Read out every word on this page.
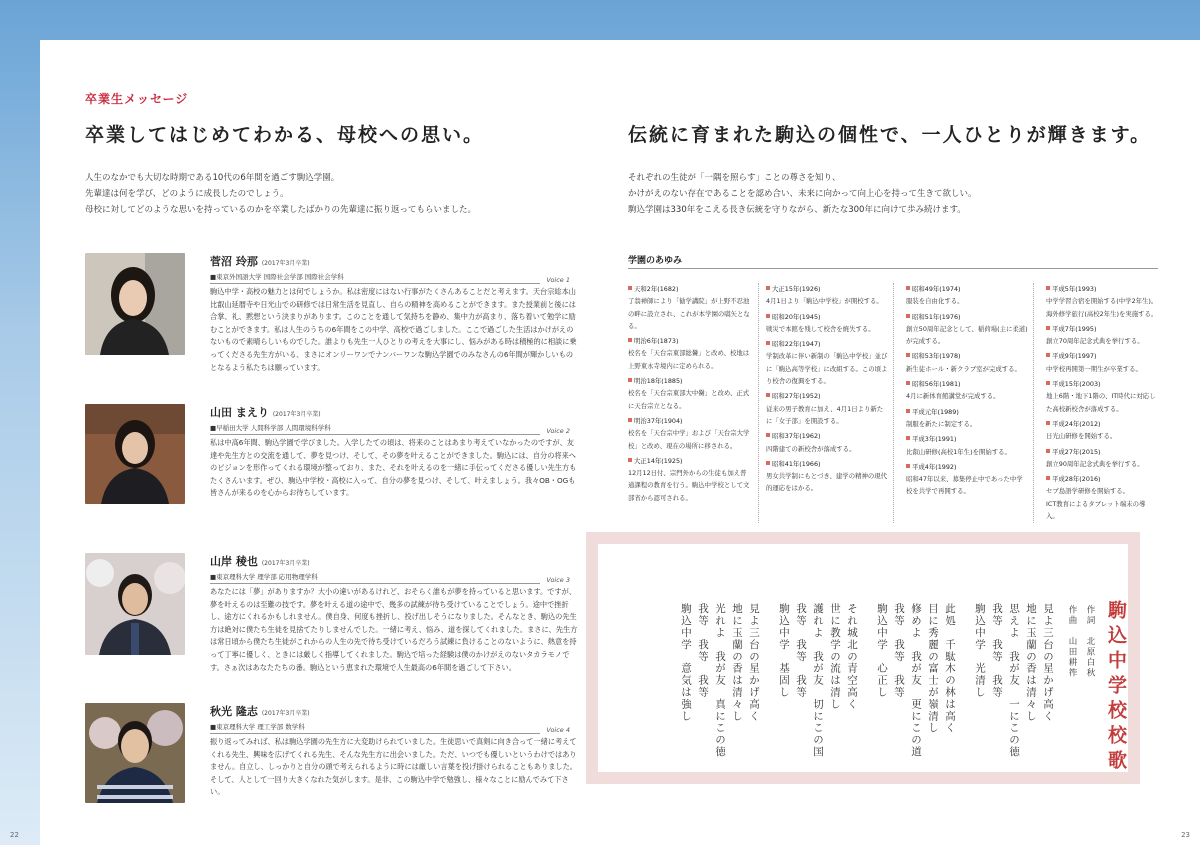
卒業生メッセージ
卒業してはじめてわかる、母校への思い。
人生のなかでも大切な時期である10代の6年間を過ごす駒込学園。
先輩達は何を学び、どのように成長したのでしょう。
母校に対してどのような思いを持っているのかを卒業したばかりの先輩達に振り返ってもらいました。
菅沼 玲那 (2017年3月卒業)
■東京外国語大学 国際社会学部 国際社会学科	Voice 1
駒込中学・高校の魅力とは何でしょうか。私は密度にはない行事がたくさんあることだと考えます。天台宗総本山比叡山延暦寺や日光山での研修では日常生活を見直し、自らの精神を高めることができます。また授業前と後には合掌、礼、黙想という決まりがあります。このことを通して気持ちを静め、集中力が高まり、落ち着いて勉学に励むことができます。私は人生のうちの6年間をこの中学、高校で過ごしました。ここで過ごした生活はかけがえのないもので素晴らしいものでした。誰よりも先生一人ひとりの考えを大事にし、悩みがある時は積極的に相談に乗ってくださる先生方がいる、まさにオンリーワンでナンバーワンな駒込学園でのみなさんの6年間が輝かしいものとなるよう私たちは願っています。
山田 まえり (2017年3月卒業)
■早稲田大学 人間科学部 人間環境科学科	Voice 2
私は中高6年間、駒込学園で学びました。入学したての頃は、将来のことはあまり考えていなかったのですが、友達や先生方との交流を通して、夢を見つけ、そして、その夢を叶えることができました。駒込には、自分の将来へのビジョンを形作ってくれる環境が整っており、また、それを叶えるのを一緒に手伝ってくださる優しい先生方もたくさんいます。ぜひ、駒込中学校・高校に入って、自分の夢を見つけ、そして、叶えましょう。我々OB・OGも皆さんが来るのを心からお待ちしています。
山岸 稜也 (2017年3月卒業)
■東京理科大学 理学部 応用物理学科	Voice 3
あなたには「夢」がありますか？大小の違いがあるけれど、おそらく誰もが夢を持っていると思います。ですが、夢を叶えるのは至難の技です。夢を叶える道の途中で、幾多の試練が待ち受けていることでしょう。途中で挫折し、途方にくれるかもしれません。僕自身、何度も挫折し、投げ出しそうになりました。そんなとき、駒込の先生方は絶対に僕たち生徒を見捨てたりしませんでした。一緒に考え、悩み、道を探してくれました。まさに、先生方は常日頃から僕たち生徒がこれからの人生の先で待ち受けているだろう試練に負けることのないように、熱意を持って丁寧に優しく、ときには厳しく指導してくれました。駒込で培った経験は僕のかけがえのないタカラモノです。さぁ次はあなたたちの番。駒込という恵まれた環境で人生最高の6年間を過ごして下さい。
秋光 隆志 (2017年3月卒業)
■東京理科大学 理工学部 数学科	Voice 4
振り返ってみれば、私は駒込学園の先生方に大変助けられていました。生徒思いで真剣に向き合って一緒に考えてくれる先生、興味を広げてくれる先生、そんな先生方に出会いました。ただ、いつでも優しいというわけではありません。自立し、しっかりと自分の頭で考えられるように時には厳しい言葉を投げ掛けられることもありました。そして、人として一回り大きくなれた気がします。是非、この駒込中学で勉強し、様々なことに励んでみて下さい。
22
伝統に育まれた駒込の個性で、一人ひとりが輝きます。
それぞれの生徒が「一隅を照らす」ことの尊さを知り、
かけがえのない存在であることを認め合い、未来に向かって向上心を持って生きて欲しい。
駒込学園は330年をこえる長き伝統を守りながら、新たな300年に向けて歩み続けます。
学園のあゆみ
天和2年(1682)
了翁禅師により「勧学講院」が上野不忍池の畔に設立され、これが本学園の嚆矢となる。
明治6年(1873)
校名を「天台宗東部総黌」と改め、校地は上野東永寺境内に定められる。
明治18年(1885)
校名を「天台宗東部大中黌」と改め、正式に天台宗立となる。
明治37年(1904)
校名を「天台宗中学」および「天台宗大学校」と改め、現在の場所に移される。
大正14年(1925)
12月12日付、宗門外からの生徒も加え普通課程の教育を行う。駒込中学校として文部省から認可される。
大正15年(1926)
4月1日より「駒込中学校」が開校する。
昭和20年(1945)
戦災で本館を残して校舎を焼失する。
昭和22年(1947)
学制改革に伴い新制の「駒込中学校」並びに「駒込高等学校」に改組する。この頃より校舎の復興をする。
昭和27年(1952)
従来の男子教育に加え、4月1日より新たに「女子部」を開設する。
昭和37年(1962)
四階建ての新校舎が落成する。
昭和41年(1966)
男女共学制にもとづき、建学の精神の現代的運応をはかる。
昭和49年(1974)
服装を自由化する。
昭和51年(1976)
創立50周年記念として、稲荷場(主に柔道)が完成する。
昭和53年(1978)
新生徒ホール・新クラブ室が完成する。
昭和56年(1981)
4月に新体育館講堂が完成する。
平成元年(1989)
制服を新たに制定する。
平成3年(1991)
比叡山研修(高校1年生)を開始する。
平成4年(1992)
昭和47年以来、募集停止中であった中学校を共学で再開する。
平成5年(1993)
中学学習合宿を開始する(中学2年生)。
海外修学旅行(高校2年生)を実施する。
平成7年(1995)
創立70周年記念式典を挙行する。
平成9年(1997)
中学校再開第一期生が卒業する。
平成15年(2003)
地上6階・地下1階の、IT時代に対応した高校新校舎が落成する。
平成24年(2012)
日光山研修を開始する。
平成27年(2015)
創立90周年記念式典を挙行する。
平成28年(2016)
セブ島語学研修を開始する。
ICT教育によるタブレット端末の導入。
駒込中学校校歌
作詞　北原白秋
作曲　山田耕筰
見よ三台の星かげ高く
地に玉蘭の香は清々し
思えよ　我が友　一にこの徳
我等　我等　我等
駒込中学　光清し
此処　千駄木の林は高く
目に秀麗の富士が嶺清し
修めよ　我が友　更にこの道
我等　我等　我等
駒込中学　心正し
それ城北の青空高く
世に教学の流は清し
護れよ　我が友　切にこの国
我等　我等　我等
駒込中学　基固し
見よ三台の星かげ高く
地に玉蘭の香は清々し
光れよ　我が友　真にこの徳
我等　我等　我等
駒込中学　意気は強し
23
